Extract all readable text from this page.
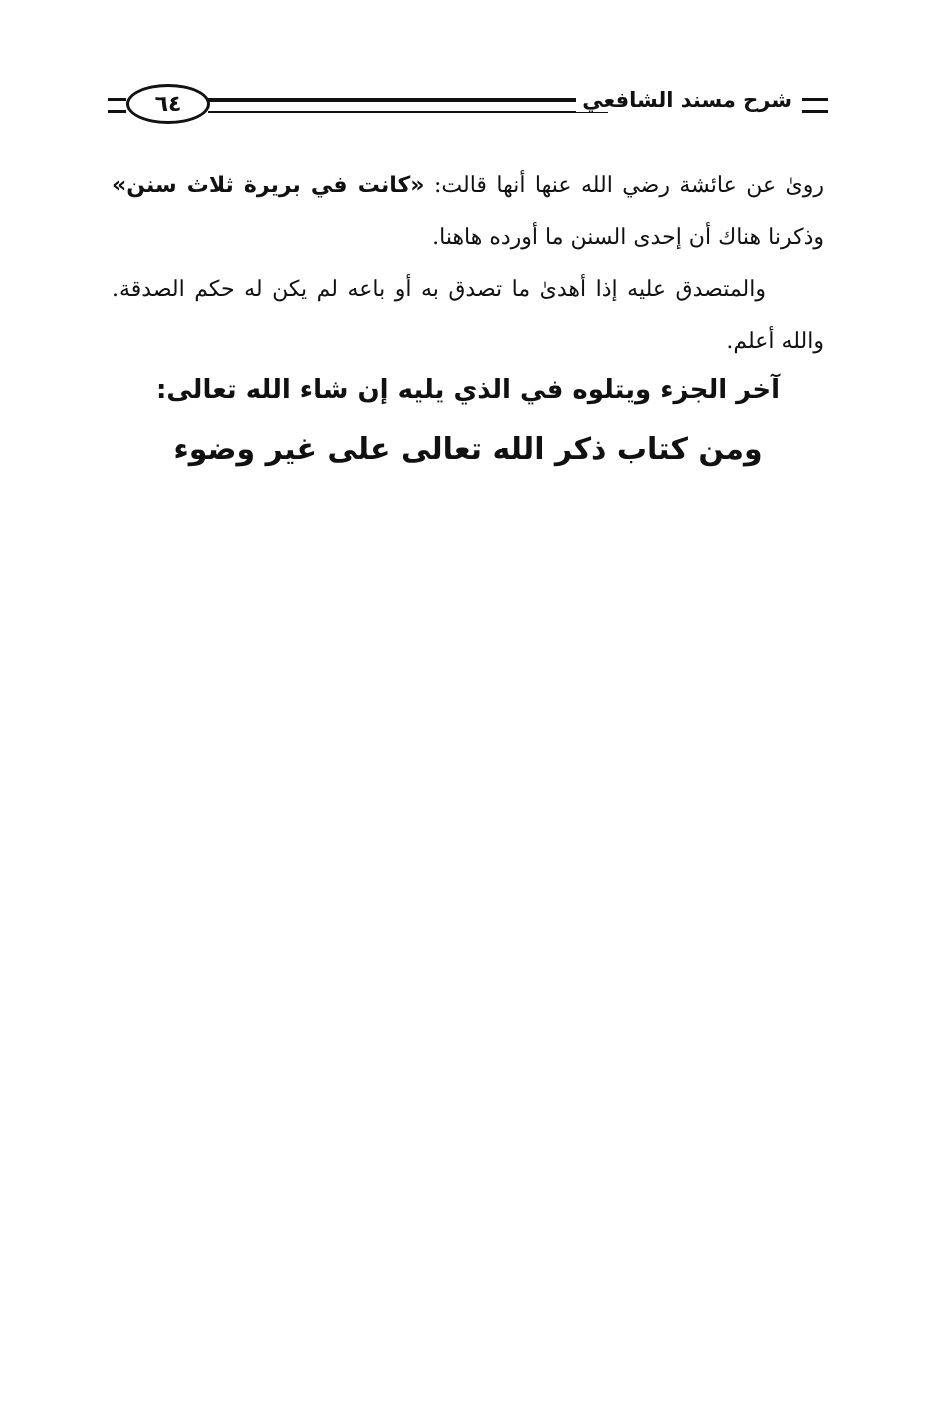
٦٤	شرح مسند الشافعي

رویٰ عن عائشة رضي الله عنها أنها قالت: «كانت في بريرة ثلاث سنن» وذكرنا هناك أن إحدى السنن ما أورده هاهنا.

والمتصدق عليه إذا أهدیٰ ما تصدق به أو باعه لم يكن له حكم الصدقة. والله أعلم.

آخر الجزء ويتلوه في الذي يليه إن شاء الله تعالى:
ومن كتاب ذكر الله تعالى على غير وضوء
